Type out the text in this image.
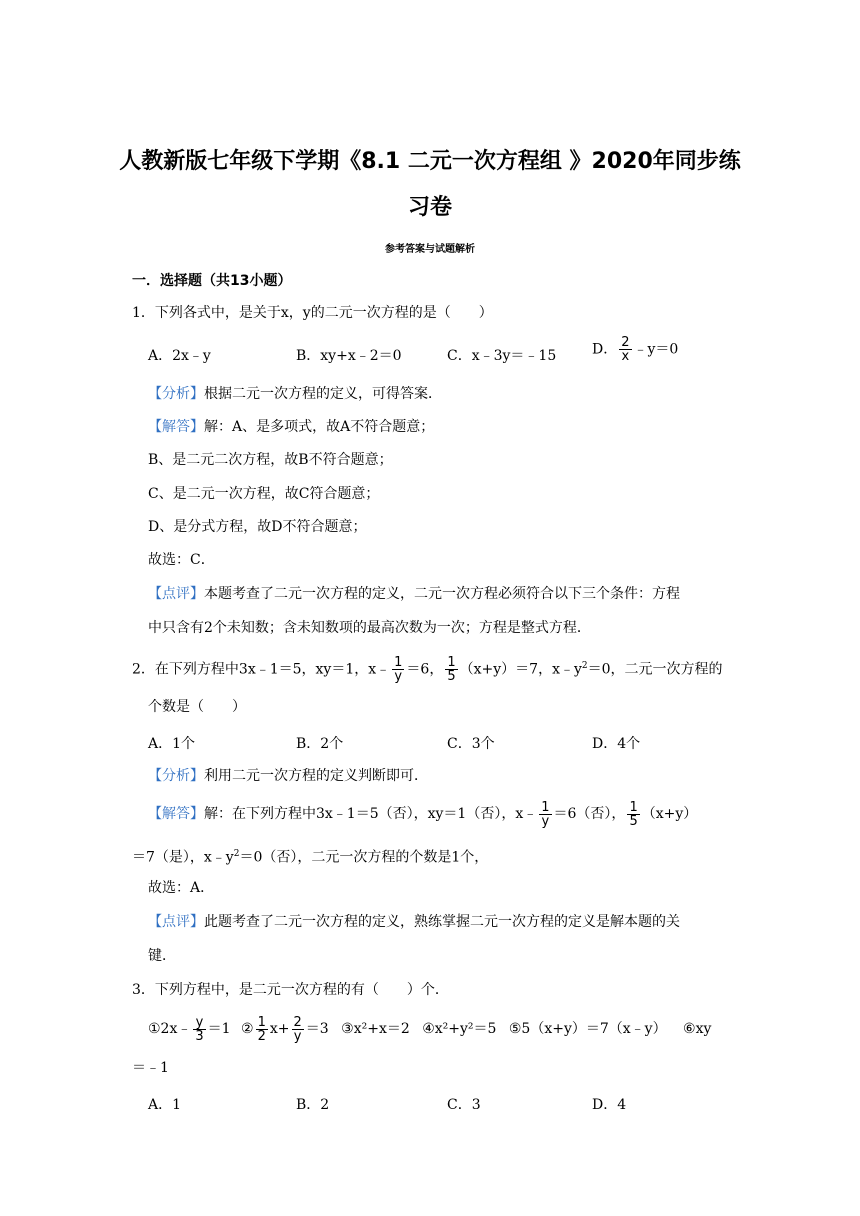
人教新版七年级下学期《8.1 二元一次方程组 》2020年同步练
习卷
参考答案与试题解析
一．选择题（共13小题）
1．下列各式中，是关于x，y的二元一次方程的是（　　）
A．2x﹣y	B．xy+x﹣2＝0	C．x﹣3y＝﹣15	D． $\frac{2}{x}$ ﹣y＝0
【分析】根据二元一次方程的定义，可得答案．
【解答】解：A、是多项式，故A不符合题意；
B、是二元二次方程，故B不符合题意；
C、是二元一次方程，故C符合题意；
D、是分式方程，故D不符合题意；
故选：C．
【点评】本题考查了二元一次方程的定义，二元一次方程必须符合以下三个条件：方程
中只含有2个未知数；含未知数项的最高次数为一次；方程是整式方程．
2．在下列方程中3x﹣1＝5，xy＝1，x﹣ $\frac{1}{y} =6$， $\frac{1}{5} (x+y)=7$，$x﹣y^2=0$，二元一次方程的
个数是（　　）
A．1个	B．2个	C．3个	D．4个
【分析】利用二元一次方程的定义判断即可．
【解答】解：在下列方程中3x﹣1＝5（否），xy＝1（否），x﹣ $\frac{1}{y} =6$（否）， $\frac{1}{5} (x+y)$
＝7（是），$x﹣y^2=0$（否），二元一次方程的个数是1个，
故选：A．
【点评】此题考查了二元一次方程的定义，熟练掌握二元一次方程的定义是解本题的关
键．
3．下列方程中，是二元一次方程的有（　　）个．
①2x﹣ $\frac{y}{3} =1$ ② $\frac{1}{2} x+ \frac{2}{y} =3$ ③x²+x＝2 ④x²+y²＝5 ⑤5（x+y）＝7（x﹣y） ⑥xy
＝﹣1
A．1	B．2	C．3	D．4
